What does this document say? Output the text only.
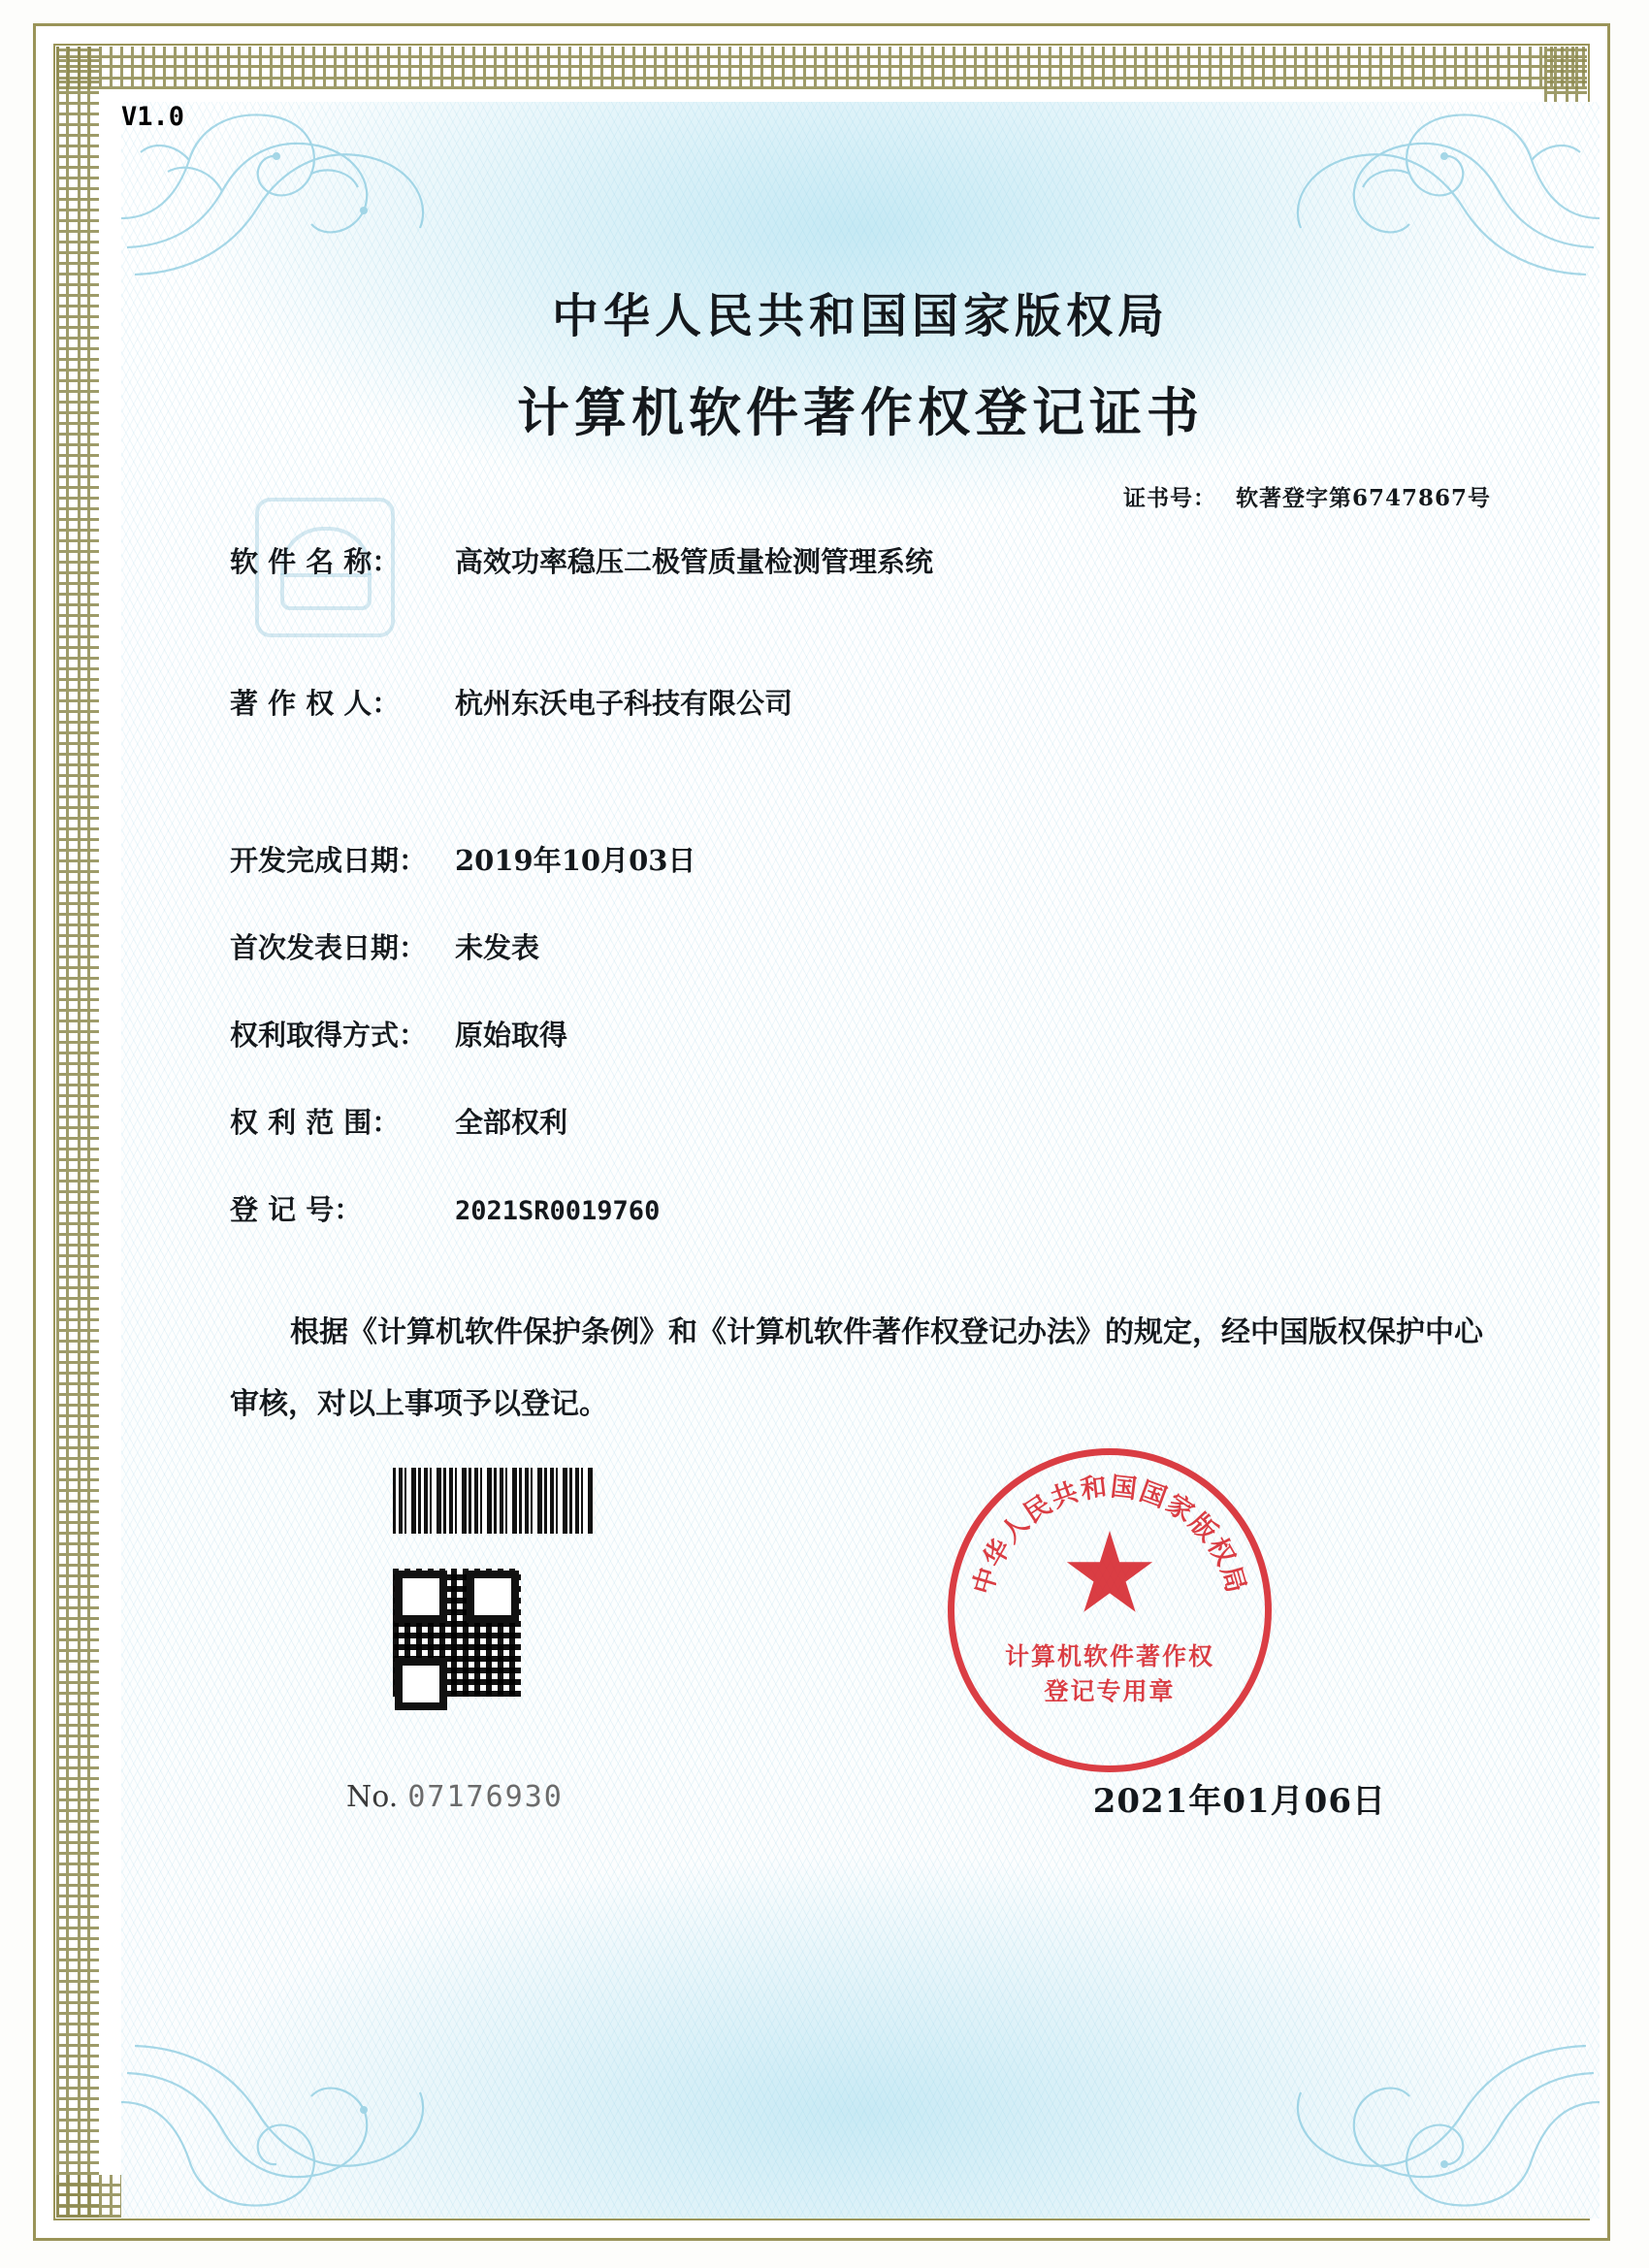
中华人民共和国国家版权局
计算机软件著作权登记证书
证书号： 软著登字第6747867号
软 件 名 称： 高效功率稳压二极管质量检测管理系统
V1.0
著 作 权 人： 杭州东沃电子科技有限公司
开发完成日期： 2019年10月03日
首次发表日期： 未发表
权利取得方式： 原始取得
权 利 范 围： 全部权利
登 记 号：	2021SR0019760
根据《计算机软件保护条例》和《计算机软件著作权登记办法》的规定，经中国版权保护中心审核，对以上事项予以登记。
中华人民共和国国家版权局
计算机软件著作权
登记专用章
No. 07176930	2021年01月06日
